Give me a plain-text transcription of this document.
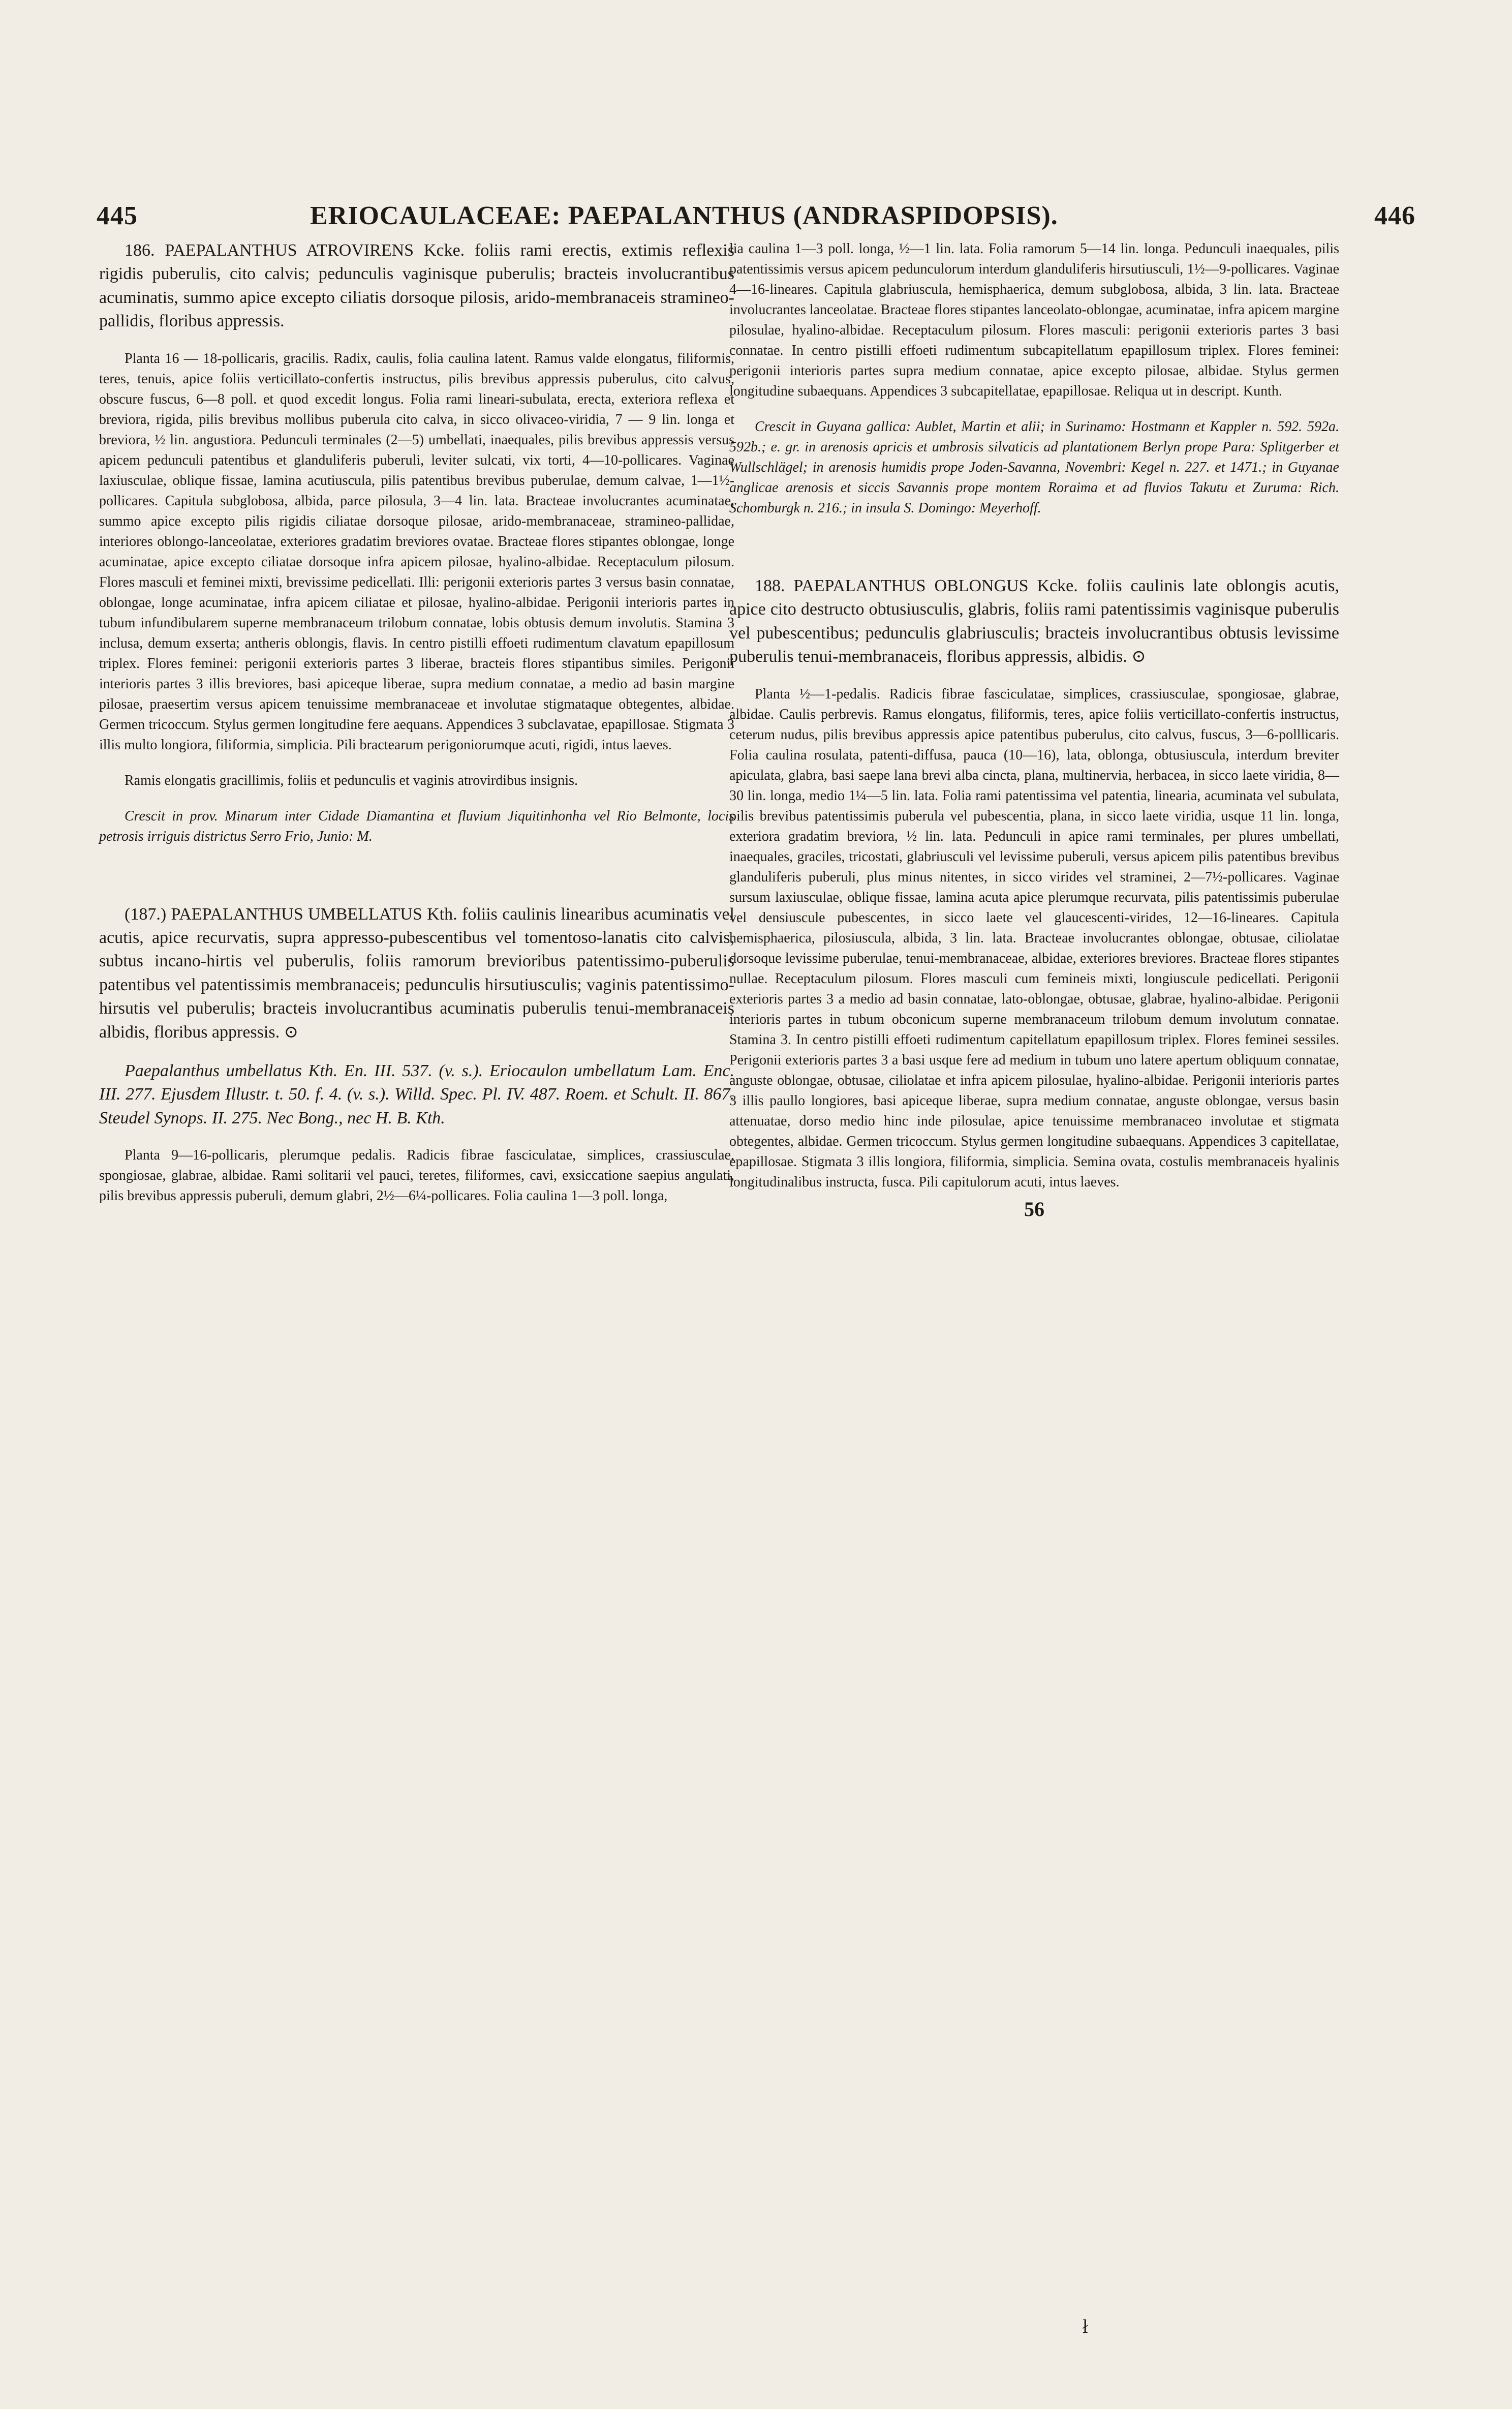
445	ERIOCAULACEAE: PAEPALANTHUS (ANDRASPIDOPSIS).	446

186. PAEPALANTHUS ATROVIRENS Kcke. foliis rami erectis, extimis reflexis rigidis puberulis, cito calvis; pedunculis vaginisque puberulis; bracteis involucrantibus acuminatis, summo apice excepto ciliatis dorsoque pilosis, arido-membranaceis stramineo-pallidis, floribus appressis.

Planta 16 — 18-pollicaris, gracilis. Radix, caulis, folia caulina latent. Ramus valde elongatus, filiformis, teres, tenuis, apice foliis verticillato-confertis instructus, pilis brevibus appressis puberulus, cito calvus, obscure fuscus, 6—8 poll. et quod excedit longus. Folia rami lineari-subulata, erecta, exteriora reflexa et breviora, rigida, pilis brevibus mollibus puberula cito calva, in sicco olivaceo-viridia, 7 — 9 lin. longa et breviora, ½ lin. angustiora. Pedunculi terminales (2—5) umbellati, inaequales, pilis brevibus appressis versus apicem pedunculi patentibus et glanduliferis puberuli, leviter sulcati, vix torti, 4—10-pollicares. Vaginae laxiusculae, oblique fissae, lamina acutiuscula, pilis patentibus brevibus puberulae, demum calvae, 1—1½-pollicares. Capitula subglobosa, albida, parce pilosula, 3—4 lin. lata. Bracteae involucrantes acuminatae, summo apice excepto pilis rigidis ciliatae dorsoque pilosae, arido-membranaceae, stramineo-pallidae, interiores oblongo-lanceolatae, exteriores gradatim breviores ovatae. Bracteae flores stipantes oblongae, longe acuminatae, apice excepto ciliatae dorsoque infra apicem pilosae, hyalino-albidae. Receptaculum pilosum. Flores masculi et feminei mixti, brevissime pedicellati. Illi: perigonii exterioris partes 3 versus basin connatae, oblongae, longe acuminatae, infra apicem ciliatae et pilosae, hyalino-albidae. Perigonii interioris partes in tubum infundibularem superne membranaceum trilobum connatae, lobis obtusis demum involutis. Stamina 3 inclusa, demum exserta; antheris oblongis, flavis. In centro pistilli effoeti rudimentum clavatum epapillosum triplex. Flores feminei: perigonii exterioris partes 3 liberae, bracteis flores stipantibus similes. Perigonii interioris partes 3 illis breviores, basi apiceque liberae, supra medium connatae, a medio ad basin margine pilosae, praesertim versus apicem tenuissime membranaceae et involutae stigmataque obtegentes, albidae. Germen tricoccum. Stylus germen longitudine fere aequans. Appendices 3 subclavatae, epapillosae. Stigmata 3 illis multo longiora, filiformia, simplicia. Pili bractearum perigoniorumque acuti, rigidi, intus laeves.

Ramis elongatis gracillimis, foliis et pedunculis et vaginis atrovirdibus insignis.

Crescit in prov. Minarum inter Cidade Diamantina et fluvium Jiquitinhonha vel Rio Belmonte, locis petrosis irriguis districtus Serro Frio, Junio: M.

(187.) PAEPALANTHUS UMBELLATUS Kth. foliis caulinis linearibus acuminatis vel acutis, apice recurvatis, supra appresso-pubescentibus vel tomentoso-lanatis cito calvis, subtus incano-hirtis vel puberulis, foliis ramorum brevioribus patentissimo-puberulis patentibus vel patentissimis membranaceis; pedunculis hirsutiusculis; vaginis patentissimo-hirsutis vel puberulis; bracteis involucrantibus acuminatis puberulis tenui-membranaceis albidis, floribus appressis. ⊙

Paepalanthus umbellatus Kth. En. III. 537. (v. s.). Eriocaulon umbellatum Lam. Enc. III. 277. Ejusdem Illustr. t. 50. f. 4. (v. s.). Willd. Spec. Pl. IV. 487. Roem. et Schult. II. 867. Steudel Synops. II. 275. Nec Bong., nec H. B. Kth.

Planta 9—16-pollicaris, plerumque pedalis. Radicis fibrae fasciculatae, simplices, crassiusculae, spongiosae, glabrae, albidae. Rami solitarii vel pauci, teretes, filiformes, cavi, exsiccatione saepius angulati, pilis brevibus appressis puberuli, demum glabri, 2½—6¼-pollicares. Folia caulina 1—3 poll. longa,

lia caulina 1—3 poll. longa, ½—1 lin. lata. Folia ramorum 5—14 lin. longa. Pedunculi inaequales, pilis patentissimis versus apicem pedunculorum interdum glanduliferis hirsutiusculi, 1½—9-pollicares. Vaginae 4—16-lineares. Capitula glabriuscula, hemisphaerica, demum subglobosa, albida, 3 lin. lata. Bracteae involucrantes lanceolatae. Bracteae flores stipantes lanceolato-oblongae, acuminatae, infra apicem margine pilosulae, hyalino-albidae. Receptaculum pilosum. Flores masculi: perigonii exterioris partes 3 basi connatae. In centro pistilli effoeti rudimentum subcapitellatum epapillosum triplex. Flores feminei: perigonii interioris partes supra medium connatae, apice excepto pilosae, albidae. Stylus germen longitudine subaequans. Appendices 3 subcapitellatae, epapillosae. Reliqua ut in descript. Kunth.

Crescit in Guyana gallica: Aublet, Martin et alii; in Surinamo: Hostmann et Kappler n. 592. 592a. 592b.; e. gr. in arenosis apricis et umbrosis silvaticis ad plantationem Berlyn prope Para: Splitgerber et Wullschlägel; in arenosis humidis prope Joden-Savanna, Novembri: Kegel n. 227. et 1471.; in Guyanae anglicae arenosis et siccis Savannis prope montem Roraima et ad fluvios Takutu et Zuruma: Rich. Schomburgk n. 216.; in insula S. Domingo: Meyerhoff.

188. PAEPALANTHUS OBLONGUS Kcke. foliis caulinis late oblongis acutis, apice cito destructo obtusiusculis, glabris, foliis rami patentissimis vaginisque puberulis vel pubescentibus; pedunculis glabriusculis; bracteis involucrantibus obtusis levissime puberulis tenui-membranaceis, floribus appressis, albidis. ⊙

Planta ½—1-pedalis. Radicis fibrae fasciculatae, simplices, crassiusculae, spongiosae, glabrae, albidae. Caulis perbrevis. Ramus elongatus, filiformis, teres, apice foliis verticillato-confertis instructus, ceterum nudus, pilis brevibus appressis apice patentibus puberulus, cito calvus, fuscus, 3—6-polllicaris. Folia caulina rosulata, patenti-diffusa, pauca (10—16), lata, oblonga, obtusiuscula, interdum breviter apiculata, glabra, basi saepe lana brevi alba cincta, plana, multinervia, herbacea, in sicco laete viridia, 8—30 lin. longa, medio 1¼—5 lin. lata. Folia rami patentissima vel patentia, linearia, acuminata vel subulata, pilis brevibus patentissimis puberula vel pubescentia, plana, in sicco laete viridia, usque 11 lin. longa, exteriora gradatim breviora, ½ lin. lata. Pedunculi in apice rami terminales, per plures umbellati, inaequales, graciles, tricostati, glabriusculi vel levissime puberuli, versus apicem pilis patentibus brevibus glanduliferis puberuli, plus minus nitentes, in sicco virides vel straminei, 2—7½-pollicares. Vaginae sursum laxiusculae, oblique fissae, lamina acuta apice plerumque recurvata, pilis patentissimis puberulae vel densiuscule pubescentes, in sicco laete vel glaucescenti-virides, 12—16-lineares. Capitula hemisphaerica, pilosiuscula, albida, 3 lin. lata. Bracteae involucrantes oblongae, obtusae, ciliolatae dorsoque levissime puberulae, tenui-membranaceae, albidae, exteriores breviores. Bracteae flores stipantes nullae. Receptaculum pilosum. Flores masculi cum femineis mixti, longiuscule pedicellati. Perigonii exterioris partes 3 a medio ad basin connatae, lato-oblongae, obtusae, glabrae, hyalino-albidae. Perigonii interioris partes in tubum obconicum superne membranaceum trilobum demum involutum connatae. Stamina 3. In centro pistilli effoeti rudimentum capitellatum epapillosum triplex. Flores feminei sessiles. Perigonii exterioris partes 3 a basi usque fere ad medium in tubum uno latere apertum obliquum connatae, anguste oblongae, obtusae, ciliolatae et infra apicem pilosulae, hyalino-albidae. Perigonii interioris partes 3 illis paullo longiores, basi apiceque liberae, supra medium connatae, anguste oblongae, versus basin attenuatae, dorso medio hinc inde pilosulae, apice tenuissime membranaceo involutae et stigmata obtegentes, albidae. Germen tricoccum. Stylus germen longitudine subaequans. Appendices 3 capitellatae, epapillosae. Stigmata 3 illis longiora, filiformia, simplicia. Semina ovata, costulis membranaceis hyalinis longitudinalibus instructa, fusca. Pili capitulorum acuti, intus laeves.

56
ł
